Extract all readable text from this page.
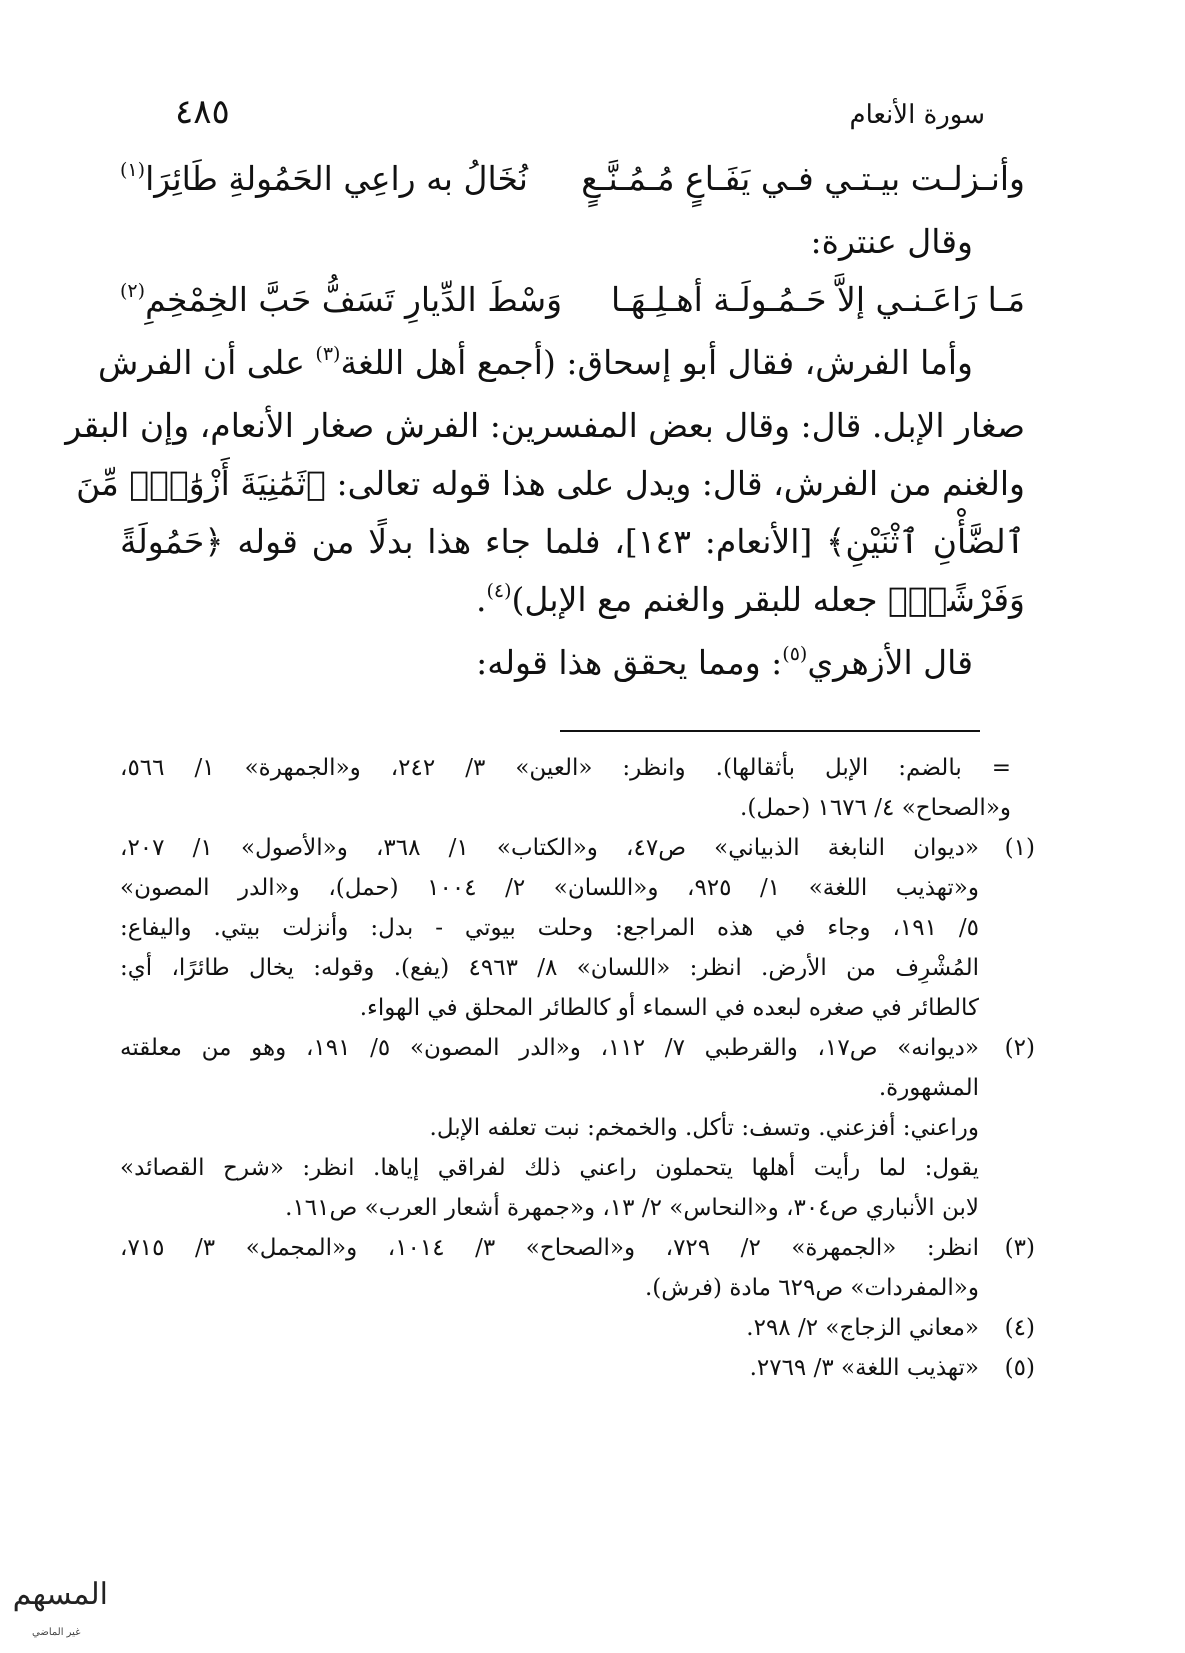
٤٨٥	سورة الأنعام
وأنـزلـت بيـتـي فـي يَفَـاعٍ مُـمُـنَّـعٍ
نُخَالُ به راعِي الحَمُولةِ طَائِرَا$^{(١)}$
وقال عنترة:
مَـا رَاعَـنـي إلاَّ حَـمُـولَـة أهـلِـهَـا
وَسْطَ الدِّيارِ تَسَفُّ حَبَّ الخِمْخِمِ$^{(٢)}$
وأما الفرش، فقال أبو إسحاق: (أجمع أهل اللغة$^{(٣)}$ على أن الفرش
صغار الإبل. قال: وقال بعض المفسرين: الفرش صغار الأنعام، وإن البقر
والغنم من الفرش، قال: ويدل على هذا قوله تعالى: ﴿ثَمَٰنِيَةَ أَزْوَٰجٍۖ مِّنَ
ٱلضَّأْنِ ٱثْنَيْنِ﴾ [الأنعام: ١٤٣]، فلما جاء هذا بدلًا من قوله ﴿حَمُولَةً
وَفَرْشًاۚ﴾ جعله للبقر والغنم مع الإبل)$^{(٤)}$.
قال الأزهري$^{(٥)}$: ومما يحقق هذا قوله:
= بالضم: الإبل بأثقالها). وانظر: «العين» ٣/ ٢٤٢، و«الجمهرة» ١/ ٥٦٦،
و«الصحاح» ٤/ ١٦٧٦ (حمل).
(١)
«ديوان النابغة الذبياني» ص٤٧، و«الكتاب» ١/ ٣٦٨، و«الأصول» ١/ ٢٠٧،
و«تهذيب اللغة» ١/ ٩٢٥، و«اللسان» ٢/ ١٠٠٤ (حمل)، و«الدر المصون»
٥/ ١٩١، وجاء في هذه المراجع: وحلت بيوتي - بدل: وأنزلت بيتي. واليفاع:
المُشْرِف من الأرض. انظر: «اللسان» ٨/ ٤٩٦٣ (يفع). وقوله: يخال طائرًا، أي:
كالطائر في صغره لبعده في السماء أو كالطائر المحلق في الهواء.
(٢)
«ديوانه» ص١٧، والقرطبي ٧/ ١١٢، و«الدر المصون» ٥/ ١٩١، وهو من معلقته
المشهورة.
وراعني: أفزعني. وتسف: تأكل. والخمخم: نبت تعلفه الإبل.
يقول: لما رأيت أهلها يتحملون راعني ذلك لفراقي إياها. انظر: «شرح القصائد»
لابن الأنباري ص٣٠٤، و«النحاس» ٢/ ١٣، و«جمهرة أشعار العرب» ص١٦١.
(٣)
انظر: «الجمهرة» ٢/ ٧٢٩، و«الصحاح» ٣/ ١٠١٤، و«المجمل» ٣/ ٧١٥،
و«المفردات» ص٦٢٩ مادة (فرش).
(٤)
«معاني الزجاج» ٢/ ٢٩٨.
(٥)
«تهذيب اللغة» ٣/ ٢٧٦٩.
المسهم
غير الماضي
